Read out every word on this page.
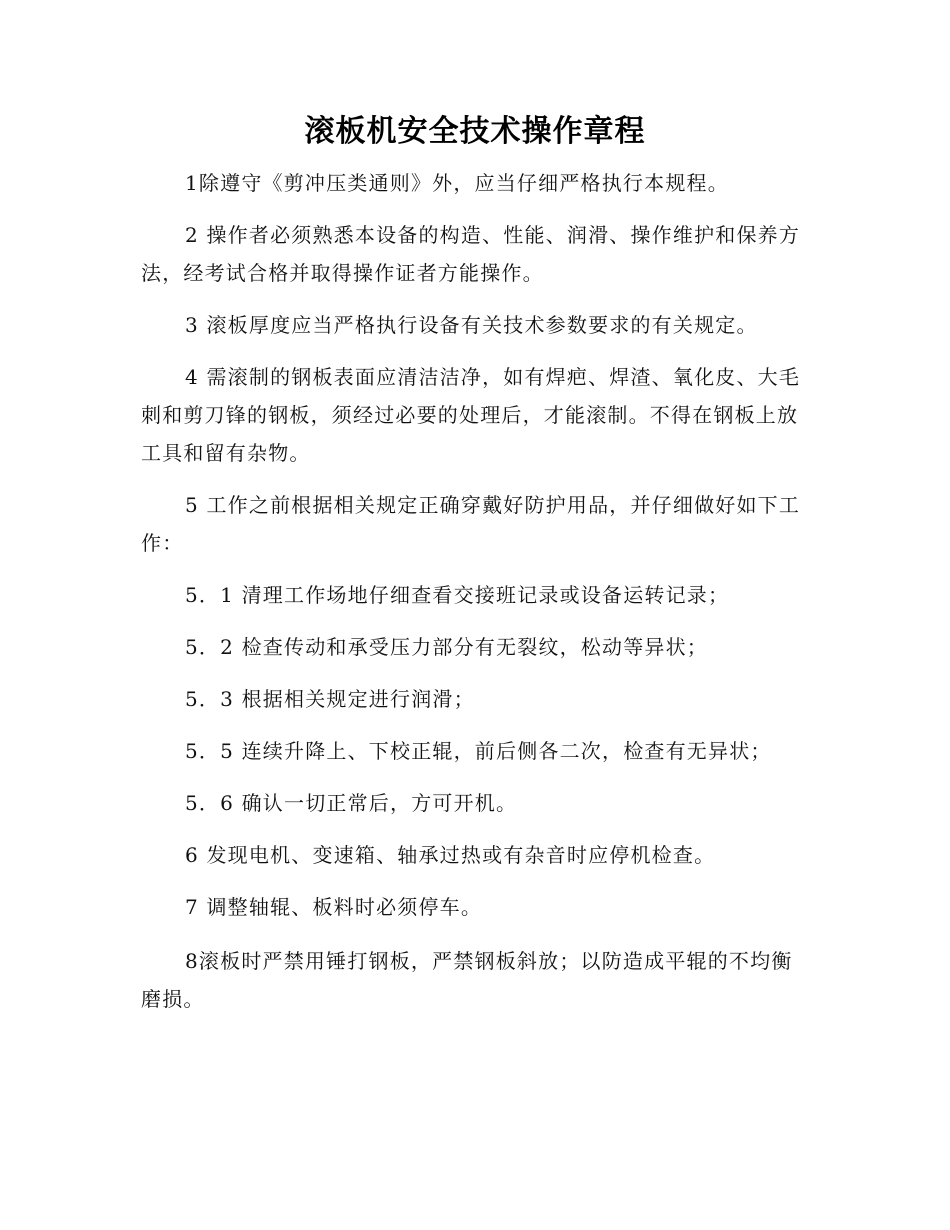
滚板机安全技术操作章程

1除遵守《剪冲压类通则》外，应当仔细严格执行本规程。

2 操作者必须熟悉本设备的构造、性能、润滑、操作维护和保养方法，经考试合格并取得操作证者方能操作。

3 滚板厚度应当严格执行设备有关技术参数要求的有关规定。

4 需滚制的钢板表面应清洁洁净，如有焊疤、焊渣、氧化皮、大毛刺和剪刀锋的钢板，须经过必要的处理后，才能滚制。不得在钢板上放工具和留有杂物。

5 工作之前根据相关规定正确穿戴好防护用品，并仔细做好如下工作：

5．1 清理工作场地仔细查看交接班记录或设备运转记录；

5．2 检查传动和承受压力部分有无裂纹，松动等异状；

5．3 根据相关规定进行润滑；

5．5 连续升降上、下校正辊，前后侧各二次，检查有无异状；

5．6 确认一切正常后，方可开机。

6 发现电机、变速箱、轴承过热或有杂音时应停机检查。

7 调整轴辊、板料时必须停车。

8滚板时严禁用锤打钢板，严禁钢板斜放；以防造成平辊的不均衡磨损。
